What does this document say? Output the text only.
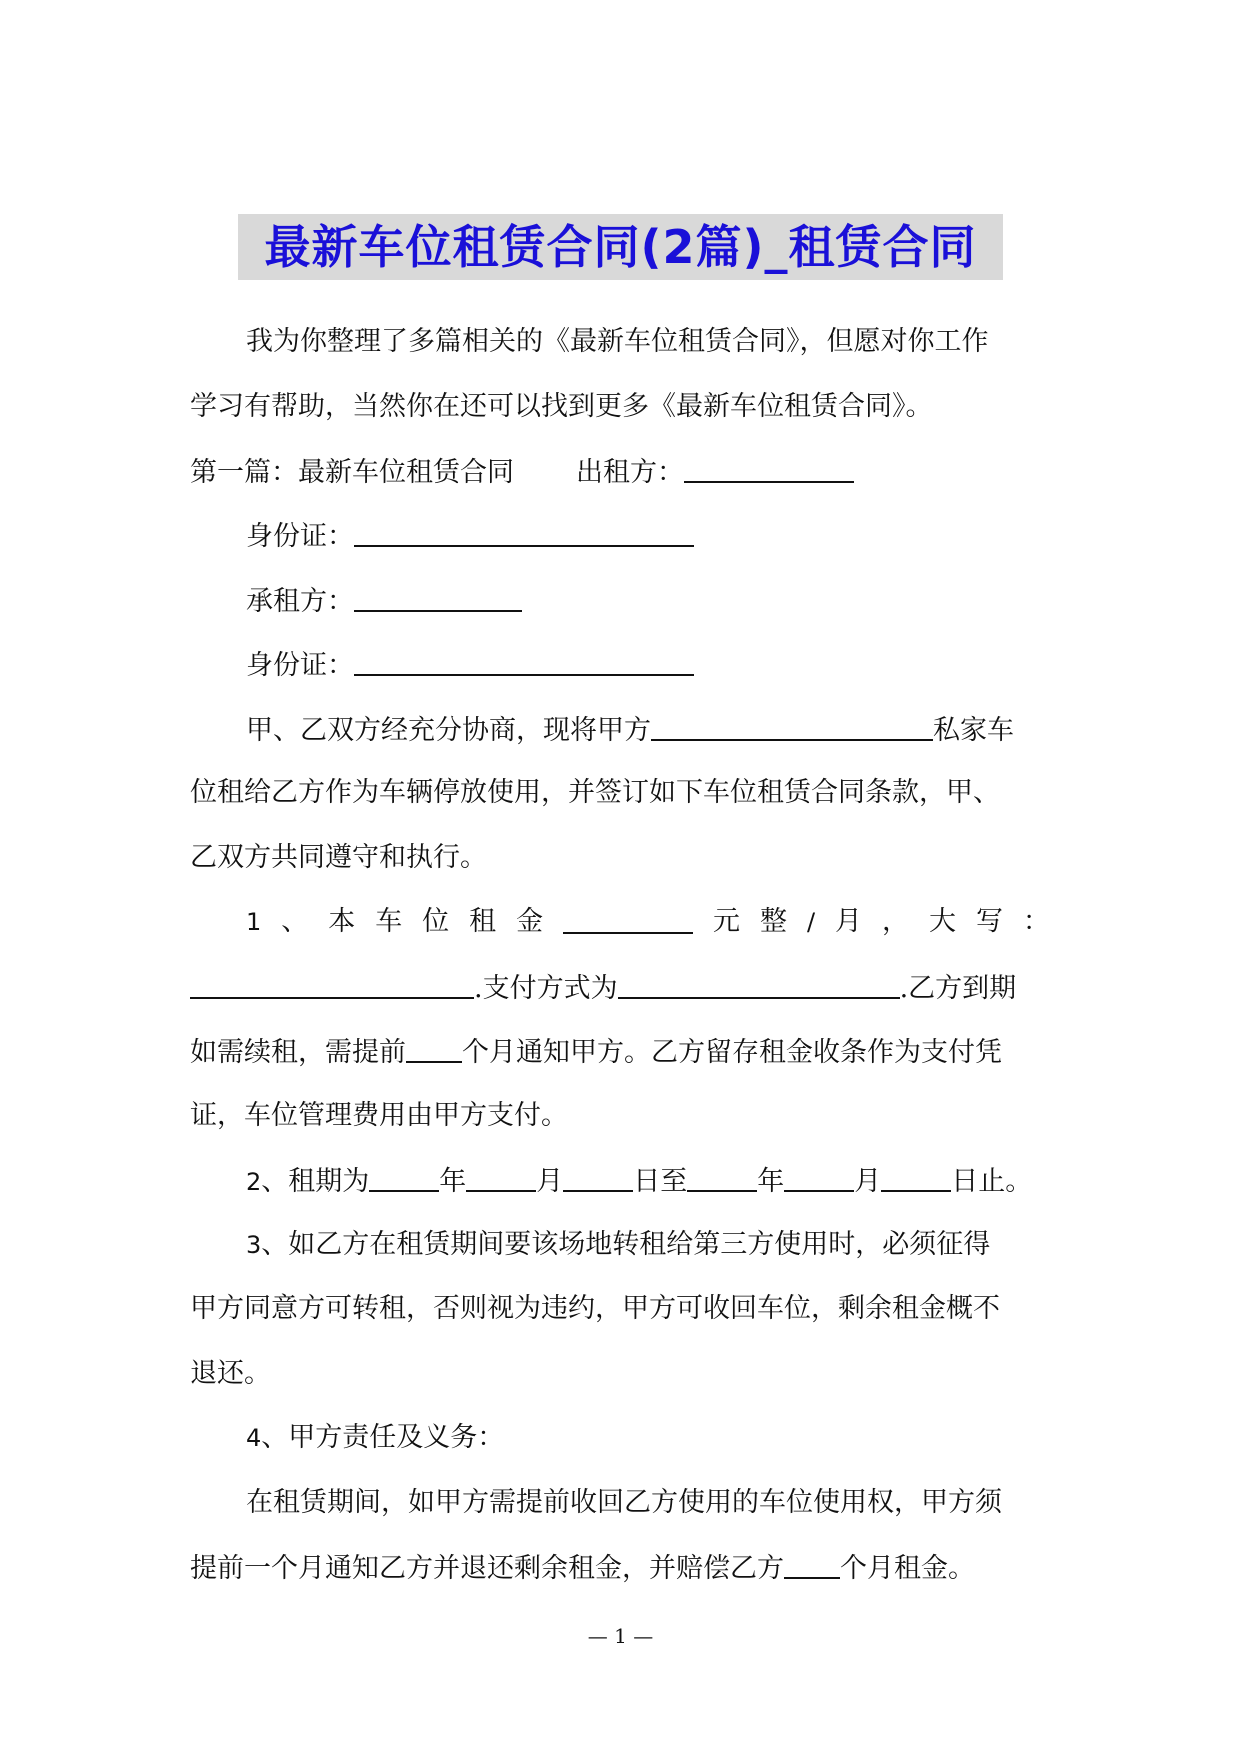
最新车位租赁合同(2篇)_租赁合同
我为你整理了多篇相关的《最新车位租赁合同》，但愿对你工作
学习有帮助，当然你在还可以找到更多《最新车位租赁合同》。
第一篇：最新车位租赁合同 出租方：
身份证：
承租方：
身份证：
甲、乙双方经充分协商，现将甲方	私家车
位租给乙方作为车辆停放使用，并签订如下车位租赁合同条款，甲、
乙双方共同遵守和执行。
1 、 本 车 位 租 金	元 整 / 月 ， 大 写 ：
.支付方式为	.乙方到期
如需续租，需提前 个月通知甲方。乙方留存租金收条作为支付凭
证，车位管理费用由甲方支付。
2、租期为	年	月	日至	年	月	日止。
3、如乙方在租赁期间要该场地转租给第三方使用时，必须征得
甲方同意方可转租，否则视为违约，甲方可收回车位，剩余租金概不
退还。
4、甲方责任及义务：
在租赁期间，如甲方需提前收回乙方使用的车位使用权，甲方须
提前一个月通知乙方并退还剩余租金，并赔偿乙方 个月租金。
— 1 —
